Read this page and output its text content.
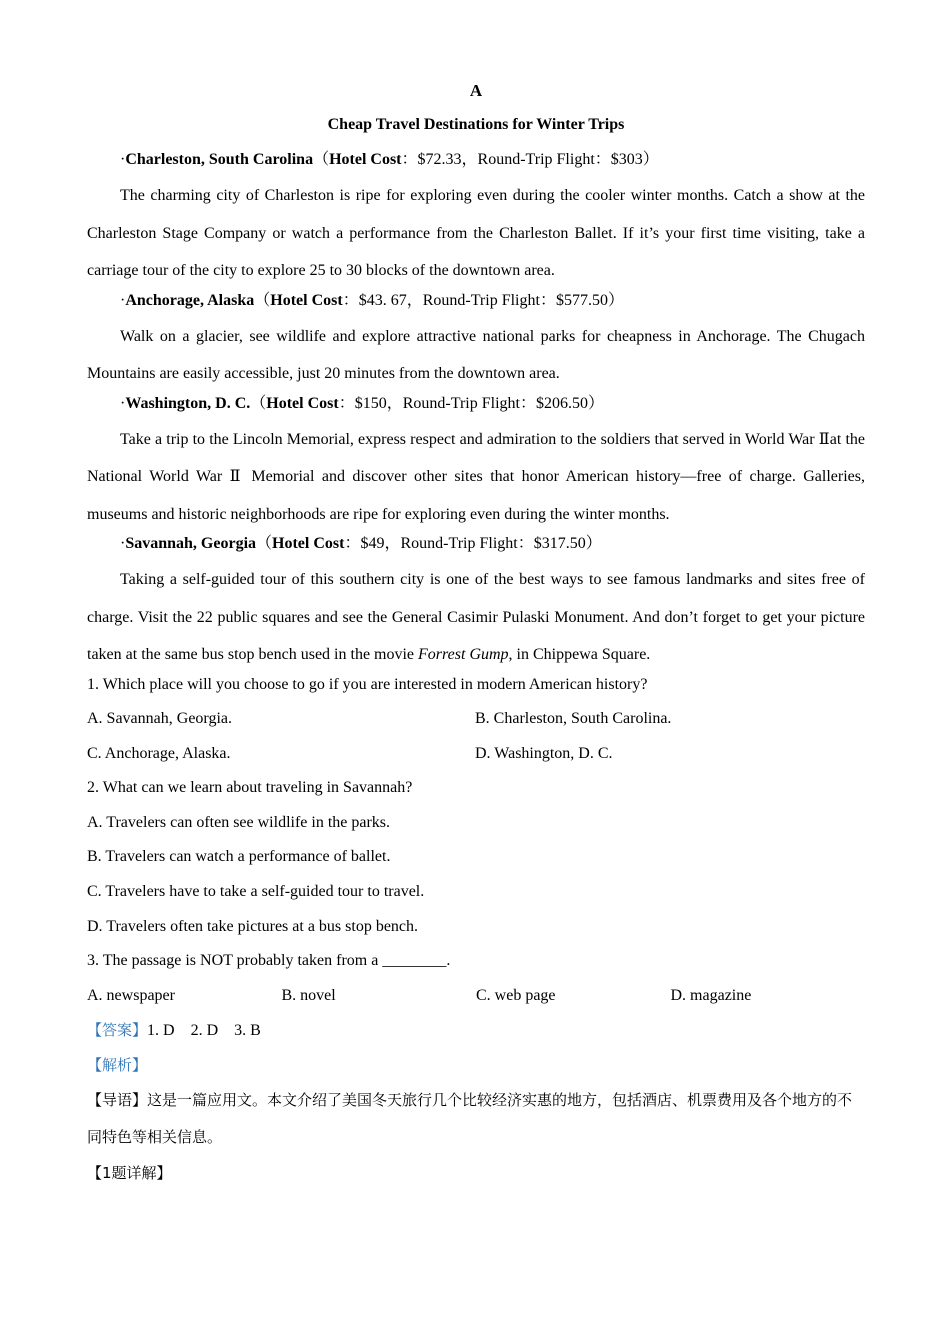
A
Cheap Travel Destinations for Winter Trips
·Charleston, South Carolina（Hotel Cost：$72.33，Round-Trip Flight：$303）
The charming city of Charleston is ripe for exploring even during the cooler winter months. Catch a show at the Charleston Stage Company or watch a performance from the Charleston Ballet. If it’s your first time visiting, take a carriage tour of the city to explore 25 to 30 blocks of the downtown area.
·Anchorage, Alaska（Hotel Cost：$43. 67，Round-Trip Flight：$577.50）
Walk on a glacier, see wildlife and explore attractive national parks for cheapness in Anchorage. The Chugach Mountains are easily accessible, just 20 minutes from the downtown area.
·Washington, D. C.（Hotel Cost：$150，Round-Trip Flight：$206.50）
Take a trip to the Lincoln Memorial, express respect and admiration to the soldiers that served in World War Ⅱat the National World War Ⅱ Memorial and discover other sites that honor American history—free of charge. Galleries, museums and historic neighborhoods are ripe for exploring even during the winter months.
·Savannah, Georgia（Hotel Cost：$49，Round-Trip Flight：$317.50）
Taking a self-guided tour of this southern city is one of the best ways to see famous landmarks and sites free of charge. Visit the 22 public squares and see the General Casimir Pulaski Monument. And don’t forget to get your picture taken at the same bus stop bench used in the movie Forrest Gump, in Chippewa Square.
1. Which place will you choose to go if you are interested in modern American history?
A. Savannah, Georgia.	B. Charleston, South Carolina.
C. Anchorage, Alaska.	D. Washington, D. C.
2. What can we learn about traveling in Savannah?
A. Travelers can often see wildlife in the parks.
B. Travelers can watch a performance of ballet.
C. Travelers have to take a self-guided tour to travel.
D. Travelers often take pictures at a bus stop bench.
3. The passage is NOT probably taken from a ________.
A. newspaper	B. novel	C. web page	D. magazine
【答案】1. D    2. D    3. B
【解析】
【导语】这是一篇应用文。本文介绍了美国冬天旅行几个比较经济实惠的地方，包括酒店、机票费用及各个地方的不同特色等相关信息。
【1题详解】
